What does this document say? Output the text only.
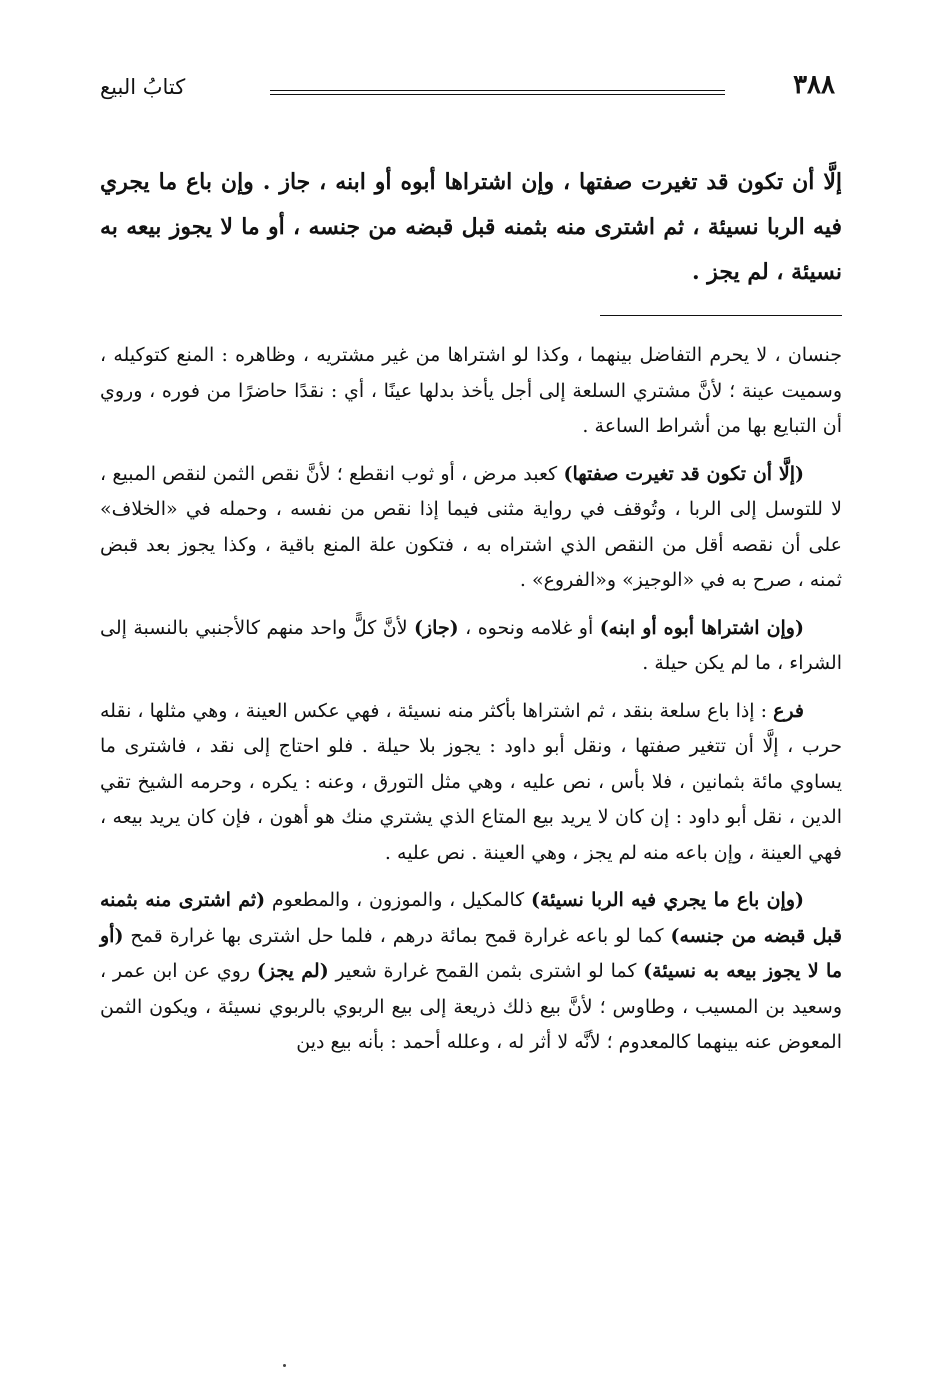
٣٨٨
كتابُ البيع
إلَّا أن تكون قد تغيرت صفتها ، وإن اشتراها أبوه أو ابنه ، جاز . وإن باع ما يجري فيه الربا نسيئة ، ثم اشترى منه بثمنه قبل قبضه من جنسه ، أو ما لا يجوز بيعه به نسيئة ، لم يجز .

جنسان ، لا يحرم التفاضل بينهما ، وكذا لو اشتراها من غير مشتريه ، وظاهره : المنع كتوكيله ، وسميت عينة ؛ لأنَّ مشتري السلعة إلى أجل يأخذ بدلها عينًا ، أي : نقدًا حاضرًا من فوره ، وروي أن التبايع بها من أشراط الساعة .

(إلَّا أن تكون قد تغيرت صفتها) كعبد مرض ، أو ثوب انقطع ؛ لأنَّ نقص الثمن لنقص المبيع ، لا للتوسل إلى الربا ، وتُوقف في رواية مثنى فيما إذا نقص من نفسه ، وحمله في «الخلاف» على أن نقصه أقل من النقص الذي اشتراه به ، فتكون علة المنع باقية ، وكذا يجوز بعد قبض ثمنه ، صرح به في «الوجيز» و«الفروع» .

(وإن اشتراها أبوه أو ابنه) أو غلامه ونحوه ، (جاز) لأنَّ كلًّ واحد منهم كالأجنبي بالنسبة إلى الشراء ، ما لم يكن حيلة .

فرع : إذا باع سلعة بنقد ، ثم اشتراها بأكثر منه نسيئة ، فهي عكس العينة ، وهي مثلها ، نقله حرب ، إلَّا أن تتغير صفتها ، ونقل أبو داود : يجوز بلا حيلة . فلو احتاج إلى نقد ، فاشترى ما يساوي مائة بثمانين ، فلا بأس ، نص عليه ، وهي مثل التورق ، وعنه : يكره ، وحرمه الشيخ تقي الدين ، نقل أبو داود : إن كان لا يريد بيع المتاع الذي يشتري منك هو أهون ، فإن كان يريد بيعه ، فهي العينة ، وإن باعه منه لم يجز ، وهي العينة . نص عليه .

(وإن باع ما يجري فيه الربا نسيئة) كالمكيل ، والموزون ، والمطعوم (ثم اشترى منه بثمنه قبل قبضه من جنسه) كما لو باعه غرارة قمح بمائة درهم ، فلما حل اشترى بها غرارة قمح (أو ما لا يجوز بيعه به نسيئة) كما لو اشترى بثمن القمح غرارة شعير (لم يجز) روي عن ابن عمر ، وسعيد بن المسيب ، وطاوس ؛ لأنَّ بيع ذلك ذريعة إلى بيع الربوي بالربوي نسيئة ، ويكون الثمن المعوض عنه بينهما كالمعدوم ؛ لأنَّه لا أثر له ، وعلله أحمد : بأنه بيع دين
